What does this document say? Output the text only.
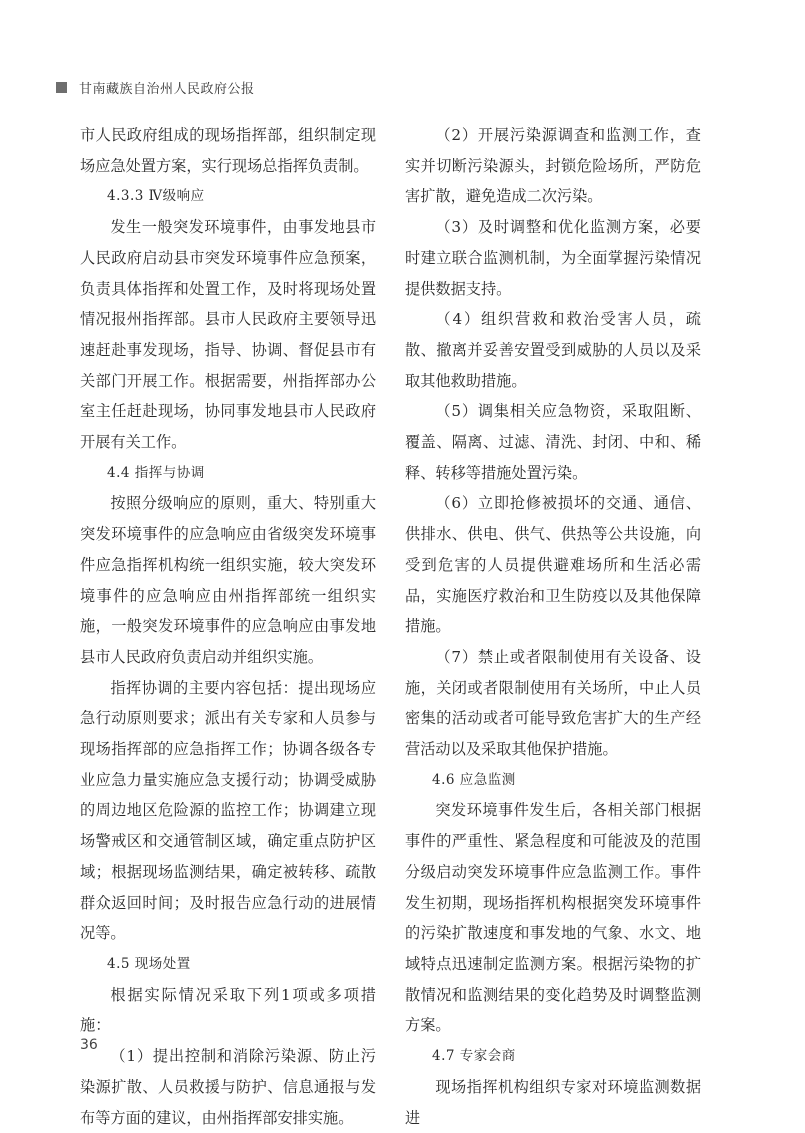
甘南藏族自治州人民政府公报

市人民政府组成的现场指挥部，组织制定现场应急处置方案，实行现场总指挥负责制。

4.3.3 Ⅳ级响应

发生一般突发环境事件，由事发地县市人民政府启动县市突发环境事件应急预案，负责具体指挥和处置工作，及时将现场处置情况报州指挥部。县市人民政府主要领导迅速赶赴事发现场，指导、协调、督促县市有关部门开展工作。根据需要，州指挥部办公室主任赶赴现场，协同事发地县市人民政府开展有关工作。

4.4 指挥与协调

按照分级响应的原则，重大、特别重大突发环境事件的应急响应由省级突发环境事件应急指挥机构统一组织实施，较大突发环境事件的应急响应由州指挥部统一组织实施，一般突发环境事件的应急响应由事发地县市人民政府负责启动并组织实施。

指挥协调的主要内容包括：提出现场应急行动原则要求；派出有关专家和人员参与现场指挥部的应急指挥工作；协调各级各专业应急力量实施应急支援行动；协调受威胁的周边地区危险源的监控工作；协调建立现场警戒区和交通管制区域，确定重点防护区域；根据现场监测结果，确定被转移、疏散群众返回时间；及时报告应急行动的进展情况等。

4.5 现场处置

根据实际情况采取下列1项或多项措施：

（1）提出控制和消除污染源、防止污染源扩散、人员救援与防护、信息通报与发布等方面的建议，由州指挥部安排实施。

（2）开展污染源调查和监测工作，查实并切断污染源头，封锁危险场所，严防危害扩散，避免造成二次污染。

（3）及时调整和优化监测方案，必要时建立联合监测机制，为全面掌握污染情况提供数据支持。

（4）组织营救和救治受害人员，疏散、撤离并妥善安置受到威胁的人员以及采取其他救助措施。

（5）调集相关应急物资，采取阻断、覆盖、隔离、过滤、清洗、封闭、中和、稀释、转移等措施处置污染。

（6）立即抢修被损坏的交通、通信、供排水、供电、供气、供热等公共设施，向受到危害的人员提供避难场所和生活必需品，实施医疗救治和卫生防疫以及其他保障措施。

（7）禁止或者限制使用有关设备、设施，关闭或者限制使用有关场所，中止人员密集的活动或者可能导致危害扩大的生产经营活动以及采取其他保护措施。

4.6 应急监测

突发环境事件发生后，各相关部门根据事件的严重性、紧急程度和可能波及的范围分级启动突发环境事件应急监测工作。事件发生初期，现场指挥机构根据突发环境事件的污染扩散速度和事发地的气象、水文、地域特点迅速制定监测方案。根据污染物的扩散情况和监测结果的变化趋势及时调整监测方案。

4.7 专家会商

现场指挥机构组织专家对环境监测数据进

36
